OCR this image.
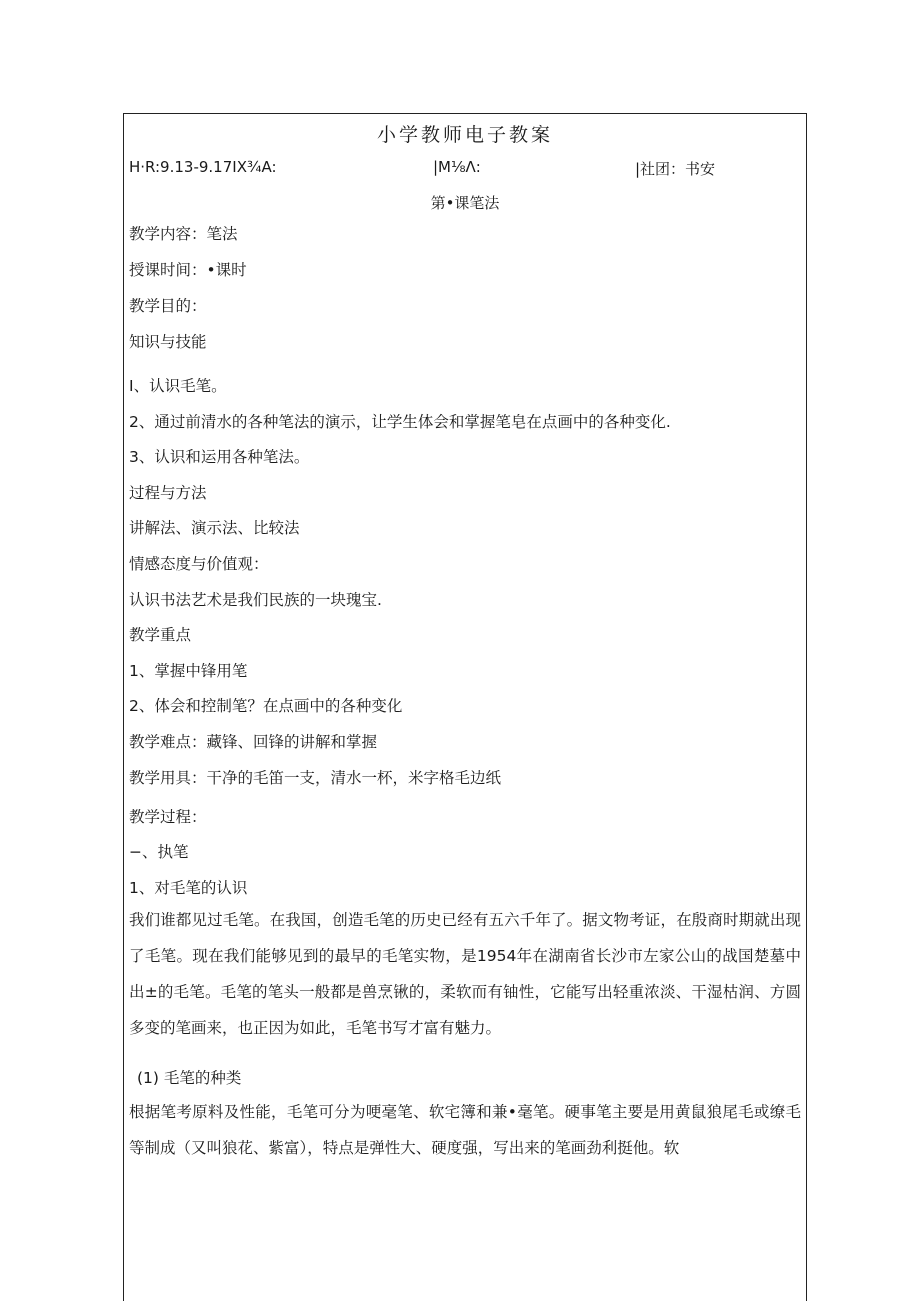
小学教师电子教案
H·R:9.13-9.17IX¾A:	|M⅛Λ:	|社团：书安
第•课笔法
教学内容：笔法
授课时间：•课时
教学目的：
知识与技能
I、认识毛笔。
2、通过前清水的各种笔法的演示，让学生体会和掌握笔皂在点画中的各种变化.
3、认识和运用各种笔法。
过程与方法
讲解法、演示法、比较法
情感态度与价值观：
认识书法艺术是我们民族的一块瑰宝.
教学重点
1、掌握中锋用笔
2、体会和控制笔？在点画中的各种变化
教学难点：藏锋、回锋的讲解和掌握
教学用具：干净的毛笛一支，清水一杯，米字格毛边纸
教学过程：
−、执笔
1、对毛笔的认识
我们谁都见过毛笔。在我国，创造毛笔的历史已经有五六千年了。据文物考证，在殷商时期就出现了毛笔。现在我们能够见到的最早的毛笔实物，是1954年在湖南省长沙市左家公山的战国楚墓中出±的毛笔。毛笔的笔头一般都是兽烹锹的，柔软而有铀性，它能写出轻重浓淡、干湿枯润、方圆多变的笔画来，也正因为如此，毛笔书写才富有魅力。
(1) 毛笔的种类
根据笔考原料及性能，毛笔可分为哽毫笔、软宅簿和兼•毫笔。硬事笔主要是用黄鼠狼尾毛或缭毛等制成（又叫狼花、紫富），特点是弹性大、硬度强，写出来的笔画劲利挺他。软
